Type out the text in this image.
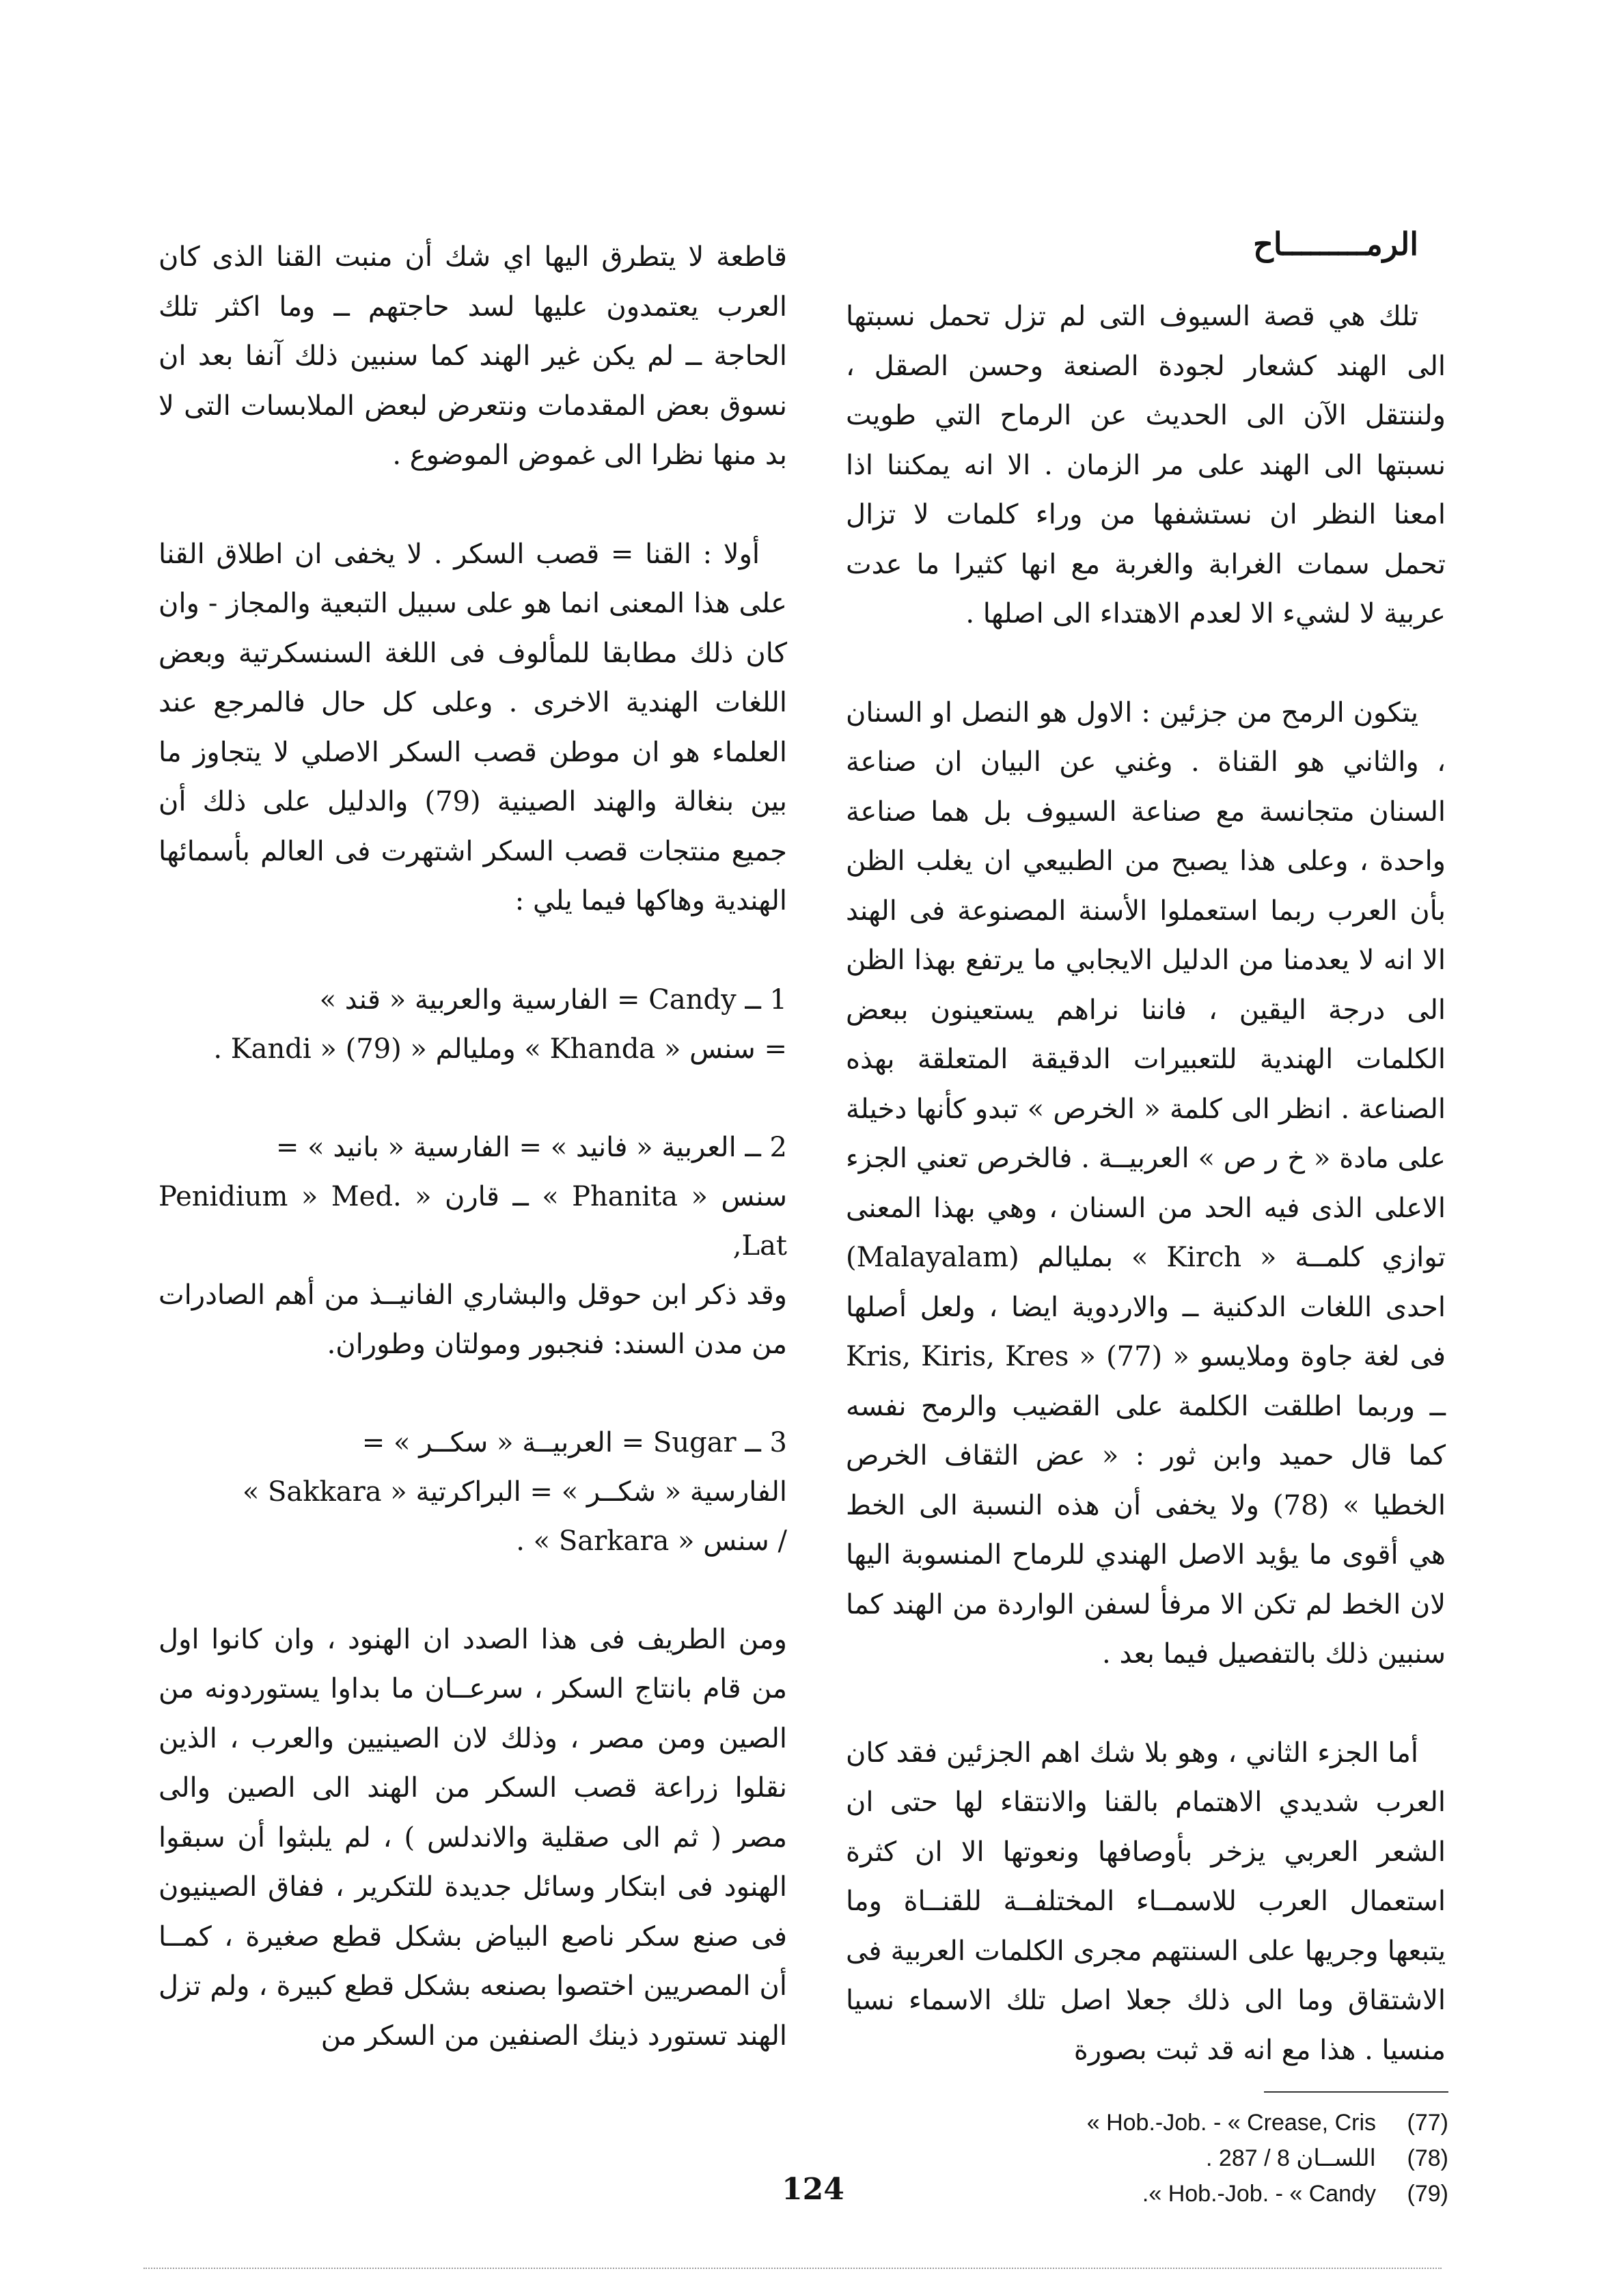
الرمـــــــــاح

تلك هي قصة السيوف التى لم تزل تحمل نسبتها الى الهند كشعار لجودة الصنعة وحسن الصقل ، ولننتقل الآن الى الحديث عن الرماح التي طويت نسبتها الى الهند على مر الزمان . الا انه يمكننا اذا امعنا النظر ان نستشفها من وراء كلمات لا تزال تحمل سمات الغرابة والغربة مع انها كثيرا ما عدت عربية لا لشيء الا لعدم الاهتداء الى اصلها .

يتكون الرمح من جزئين : الاول هو النصل او السنان ، والثاني هو القناة . وغني عن البيان ان صناعة السنان متجانسة مع صناعة السيوف بل هما صناعة واحدة ، وعلى هذا يصبح من الطبيعي ان يغلب الظن بأن العرب ربما استعملوا الأسنة المصنوعة فى الهند الا انه لا يعدمنا من الدليل الايجابي ما يرتفع بهذا الظن الى درجة اليقين ، فاننا نراهم يستعينون ببعض الكلمات الهندية للتعبيرات الدقيقة المتعلقة بهذه الصناعة . انظر الى كلمة « الخرص » تبدو كأنها دخيلة على مادة « خ ر ص » العربيــة . فالخرص تعني الجزء الاعلى الذى فيه الحد من السنان ، وهي بهذا المعنى توازي كلمــة « Kirch » بمليالم (Malayalam) احدى اللغات الدكنية ــ والاردوية ايضا ، ولعل أصلها فى لغة جاوة وملايسو « Kris, Kiris, Kres » (77) ــ وربما اطلقت الكلمة على القضيب والرمح نفسه كما قال حميد وابن ثور : « عض الثقاف الخرص الخطيا » (78) ولا يخفى أن هذه النسبة الى الخط هي أقوى ما يؤيد الاصل الهندي للرماح المنسوبة اليها لان الخط لم تكن الا مرفأ لسفن الواردة من الهند كما سنبين ذلك بالتفصيل فيما بعد .

أما الجزء الثاني ، وهو بلا شك اهم الجزئين فقد كان العرب شديدي الاهتمام بالقنا والانتقاء لها حتى ان الشعر العربي يزخر بأوصافها ونعوتها الا ان كثرة استعمال العرب للاسمــاء المختلفــة للقنــاة وما يتبعها وجريها على السنتهم مجرى الكلمات العربية فى الاشتقاق وما الى ذلك جعلا اصل تلك الاسماء نسيا منسيا . هذا مع انه قد ثبت بصورة

قاطعة لا يتطرق اليها اي شك أن منبت القنا الذى كان العرب يعتمدون عليها لسد حاجتهم ــ وما اكثر تلك الحاجة ــ لم يكن غير الهند كما سنبين ذلك آنفا بعد ان نسوق بعض المقدمات ونتعرض لبعض الملابسات التى لا بد منها نظرا الى غموض الموضوع .

أولا : القنا = قصب السكر . لا يخفى ان اطلاق القنا على هذا المعنى انما هو على سبيل التبعية والمجاز - وان كان ذلك مطابقا للمألوف فى اللغة السنسكرتية وبعض اللغات الهندية الاخرى . وعلى كل حال فالمرجع عند العلماء هو ان موطن قصب السكر الاصلي لا يتجاوز ما بين بنغالة والهند الصينية (79) والدليل على ذلك أن جميع منتجات قصب السكر اشتهرت فى العالم بأسمائها الهندية وهاكها فيما يلي :

1 ــ Candy = الفارسية والعربية « قند »
= سنس « Khanda » وملیالم « Kandi » (79) .
2 ــ العربية « فانيد » = الفارسية « بانيد » =
سنس « Phanita » ــ قارن « Penidium » Med. Lat,
وقد ذكر ابن حوقل والبشاري الفانيــذ من أهم الصادرات من مدن السند: فنجبور ومولتان وطوران.
3 ــ Sugar = العربيــة « سكــر » =
الفارسية « شكــر » = البراكرتية « Sakkara »
/ سنس « Sarkara » .

ومن الطريف فى هذا الصدد ان الهنود ، وان كانوا اول من قام بانتاج السكر ، سرعــان ما بداوا يستوردونه من الصين ومن مصر ، وذلك لان الصينيين والعرب ، الذين نقلوا زراعة قصب السكر من الهند الى الصين والى مصر ( ثم الى صقلية والاندلس ) ، لم يلبثوا أن سبقوا الهنود فى ابتكار وسائل جديدة للتكرير ، ففاق الصينيون فى صنع سكر ناصع البياض بشكل قطع صغيرة ، كمــا أن المصريين اختصوا بصنعه بشكل قطع كبيرة ، ولم تزل الهند تستورد ذينك الصنفين من السكر من

(77)
Hob.-Job. - « Crease, Cris »
(78)
اللســان 8 / 287 .
(79)
Hob.-Job. - « Candy ».
124
